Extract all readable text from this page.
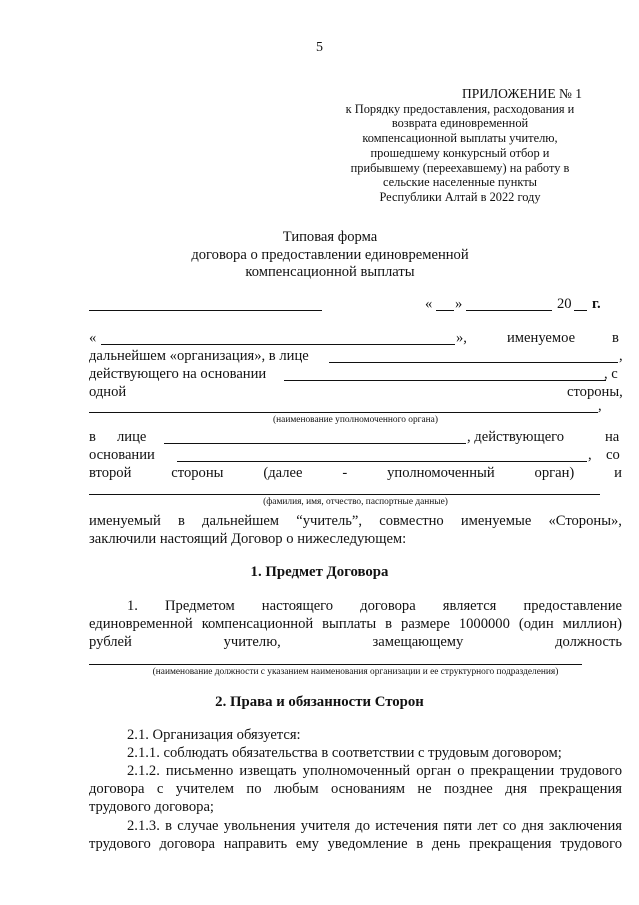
5
ПРИЛОЖЕНИЕ № 1
к Порядку предоставления, расходования и
возврата единовременной
компенсационной выплаты учителю,
прошедшему конкурсный отбор и
прибывшему (переехавшему) на работу в
сельские населенные пункты
Республики Алтай в 2022 году
Типовая форма
договора о предоставлении единовременной
компенсационной выплаты
« »	20 г.
«	»,	именуемое	в
дальнейшем «организация», в лице	,
действующего на основании	, с
одной	стороны,
,
(наименование уполномоченного органа)
в лице	, действующего	на
основании	, со
второй	стороны	(далее	-	уполномоченный	орган)	и
(фамилия, имя, отчество, паспортные данные)
именуемый в дальнейшем “учитель”, совместно именуемые «Стороны»,
заключили настоящий Договор о нижеследующем:
1. Предмет Договора
1. Предметом настоящего договора является предоставление
единовременной компенсационной выплаты в размере 1000000 (один миллион)
рублей	учителю,	замещающему	должность
(наименование должности с указанием наименования организации и ее структурного подразделения)
2. Права и обязанности Сторон
2.1. Организация обязуется:
2.1.1. соблюдать обязательства в соответствии с трудовым договором;
2.1.2. письменно извещать уполномоченный орган о прекращении трудового
договора с учителем по любым основаниям не позднее дня прекращения
трудового договора;
2.1.3. в случае увольнения учителя до истечения пяти лет со дня заключения
трудового договора направить ему уведомление в день прекращения трудового
